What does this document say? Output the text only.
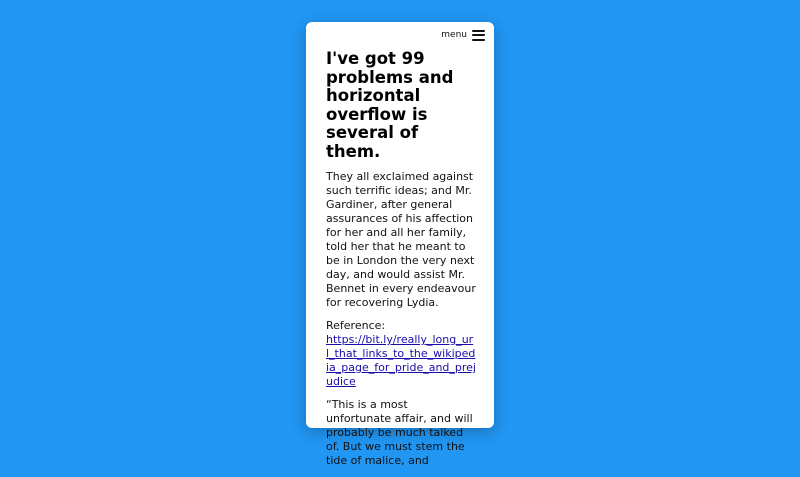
menu
I've got 99 problems and horizontal overflow is several of them.

They all exclaimed against such terrific ideas; and Mr. Gardiner, after general assurances of his affection for her and all her family, told her that he meant to be in London the very next day, and would assist Mr. Bennet in every endeavour for recovering Lydia.

Reference:
https://bit.ly/really_long_url_that_links_to_the_wikipedia_page_for_pride_and_prejudice

“This is a most unfortunate affair, and will probably be much talked of. But we must stem the tide of malice, and
